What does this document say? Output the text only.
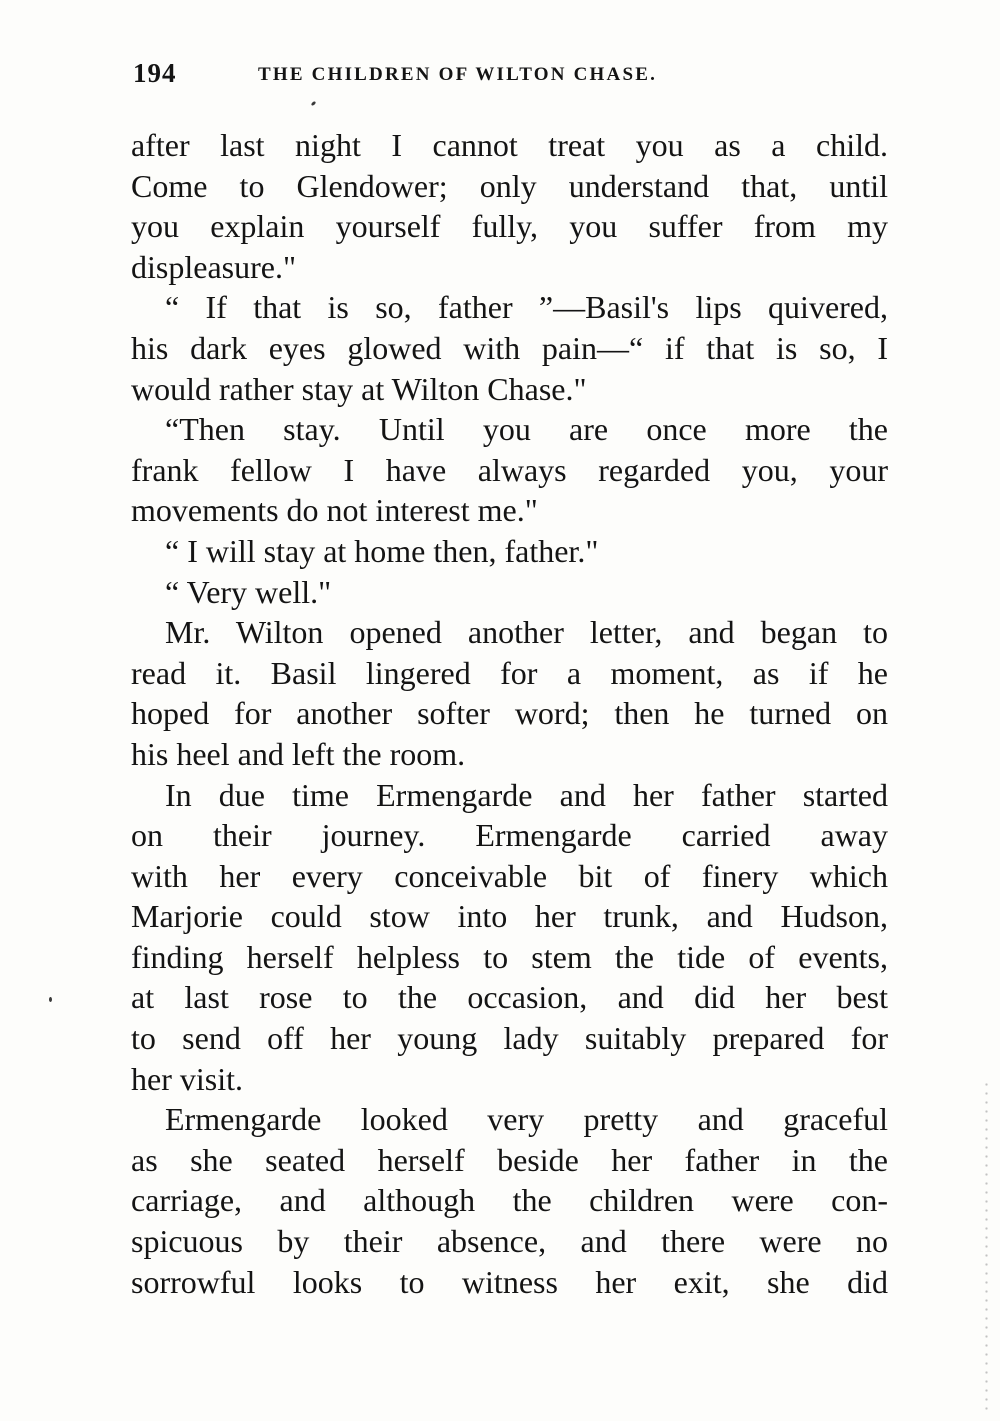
194	THE CHILDREN OF WILTON CHASE.
after last night I cannot treat you as a child.
Come to Glendower; only understand that, until
you explain yourself fully, you suffer from my
displeasure."
“ If that is so, father ”—Basil's lips quivered,
his dark eyes glowed with pain—“ if that is so, I
would rather stay at Wilton Chase."
“Then stay. Until you are once more the
frank fellow I have always regarded you, your
movements do not interest me."
“ I will stay at home then, father."
“ Very well."
Mr. Wilton opened another letter, and began to
read it. Basil lingered for a moment, as if he
hoped for another softer word; then he turned on
his heel and left the room.
In due time Ermengarde and her father started
on their journey. Ermengarde carried away
with her every conceivable bit of finery which
Marjorie could stow into her trunk, and Hudson,
finding herself helpless to stem the tide of events,
at last rose to the occasion, and did her best
to send off her young lady suitably prepared for
her visit.
Ermengarde looked very pretty and graceful
as she seated herself beside her father in the
carriage, and although the children were con-
spicuous by their absence, and there were no
sorrowful looks to witness her exit, she did
